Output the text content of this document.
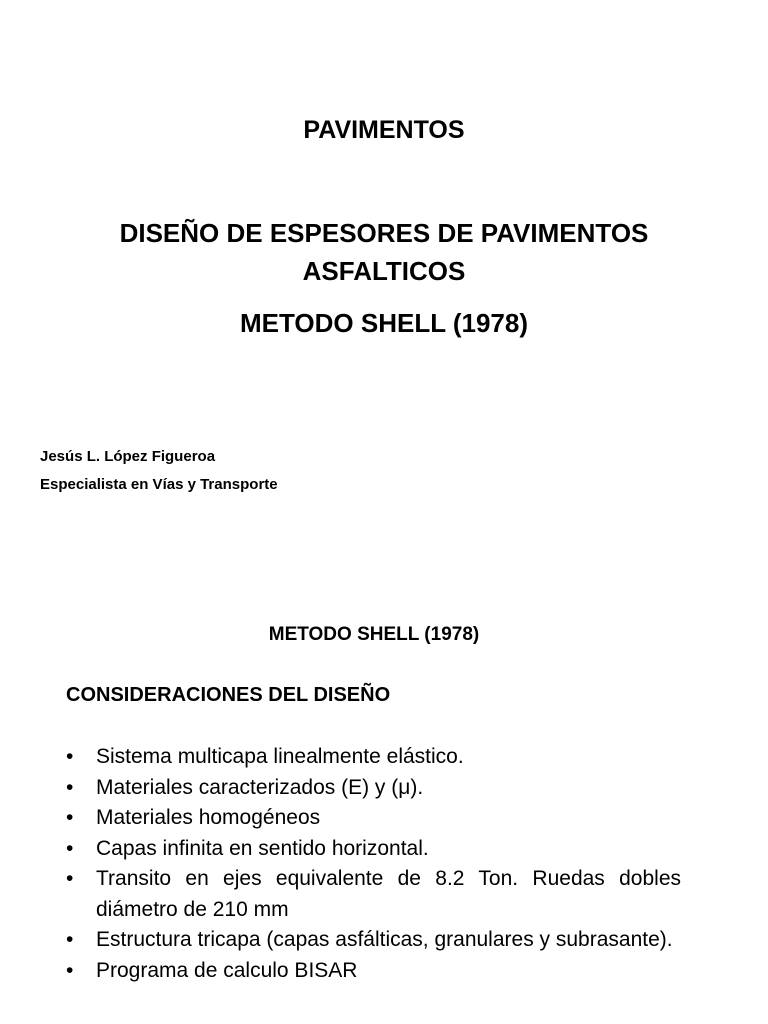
PAVIMENTOS
DISEÑO DE ESPESORES DE PAVIMENTOS ASFALTICOS
METODO SHELL (1978)
Jesús L. López Figueroa
Especialista en Vías y Transporte
METODO SHELL (1978)
CONSIDERACIONES DEL DISEÑO
• Sistema multicapa linealmente elástico.
• Materiales caracterizados (E) y (μ).
• Materiales homogéneos
• Capas infinita en sentido horizontal.
• Transito en ejes equivalente de 8.2 Ton. Ruedas dobles diámetro de 210 mm
• Estructura tricapa (capas asfálticas, granulares y subrasante).
• Programa de calculo BISAR
